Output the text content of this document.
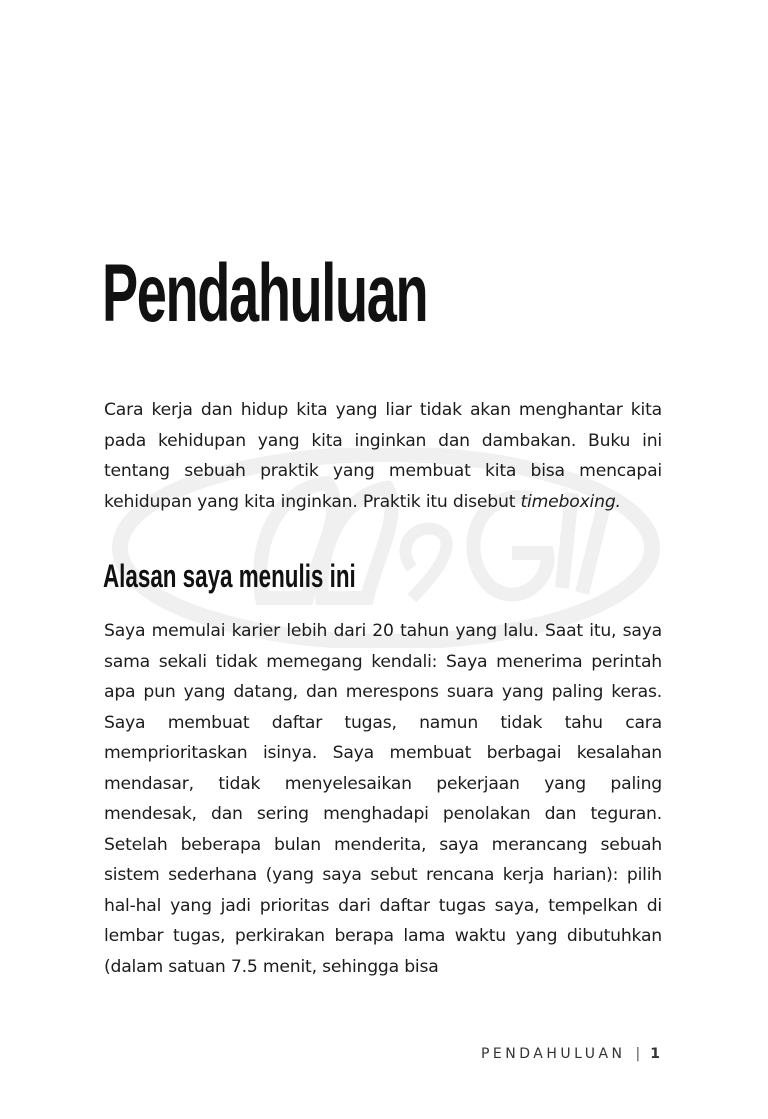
Pendahuluan

Cara kerja dan hidup kita yang liar tidak akan menghantar kita pada kehidupan yang kita inginkan dan dambakan. Buku ini tentang sebuah praktik yang membuat kita bisa mencapai kehidupan yang kita inginkan. Praktik itu disebut timeboxing.

Alasan saya menulis ini

Saya memulai karier lebih dari 20 tahun yang lalu. Saat itu, saya sama sekali tidak memegang kendali: Saya menerima perintah apa pun yang datang, dan merespons suara yang paling keras. Saya membuat daftar tugas, namun tidak tahu cara memprioritaskan isinya. Saya membuat berbagai kesalahan mendasar, tidak menyelesaikan pekerjaan yang paling mendesak, dan sering menghadapi penolakan dan teguran. Setelah beberapa bulan menderita, saya merancang sebuah sistem sederhana (yang saya sebut rencana kerja harian): pilih hal-hal yang jadi prioritas dari daftar tugas saya, tempelkan di lembar tugas, perkirakan berapa lama waktu yang dibutuhkan (dalam satuan 7.5 menit, sehingga bisa

PENDAHULUAN | 1
